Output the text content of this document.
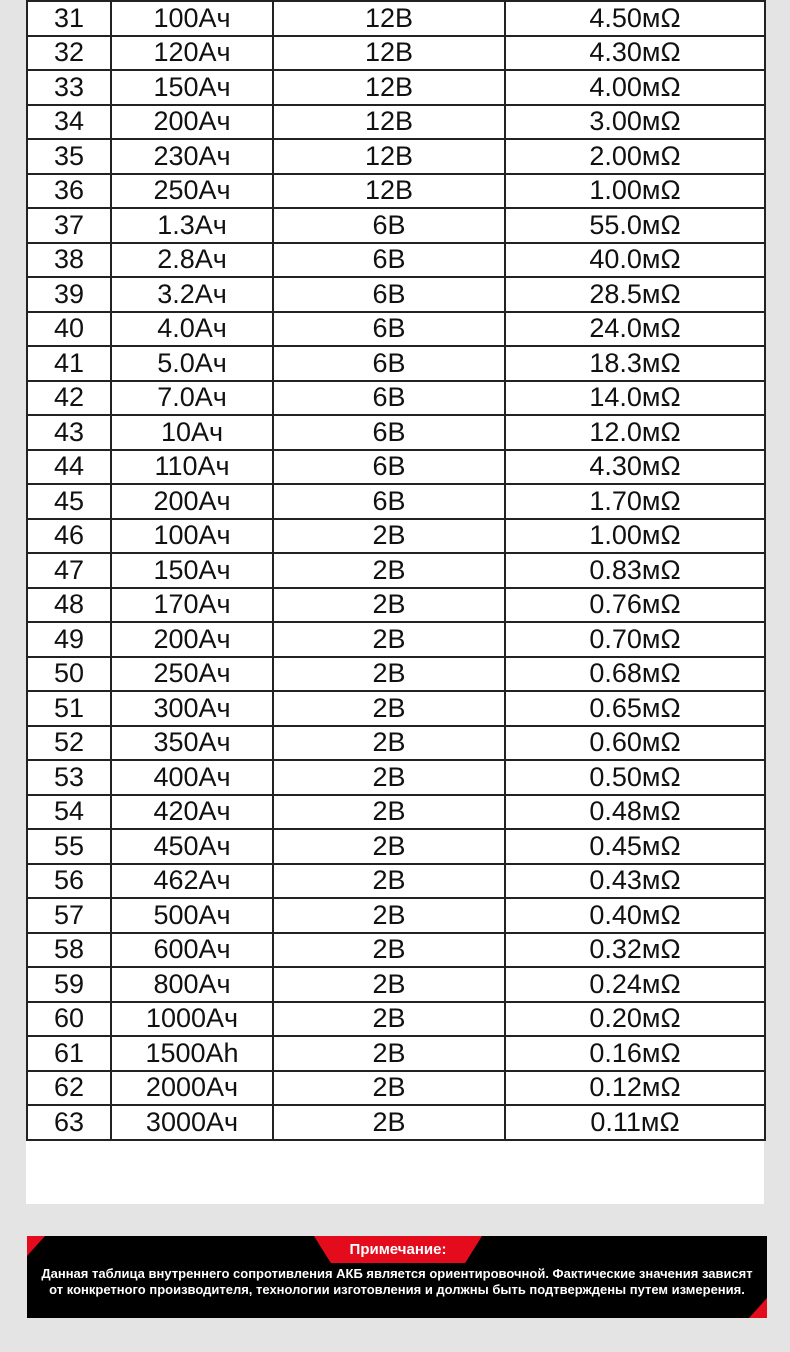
31	100Ач	12В	4.50мΩ
32	120Ач	12В	4.30мΩ
33	150Ач	12В	4.00мΩ
34	200Ач	12В	3.00мΩ
35	230Ач	12В	2.00мΩ
36	250Ач	12В	1.00мΩ
37	1.3Ач	6В	55.0мΩ
38	2.8Ач	6В	40.0мΩ
39	3.2Ач	6В	28.5мΩ
40	4.0Ач	6В	24.0мΩ
41	5.0Ач	6В	18.3мΩ
42	7.0Ач	6В	14.0мΩ
43	10Ач	6В	12.0мΩ
44	110Ач	6В	4.30мΩ
45	200Ач	6В	1.70мΩ
46	100Ач	2В	1.00мΩ
47	150Ач	2В	0.83мΩ
48	170Ач	2В	0.76мΩ
49	200Ач	2В	0.70мΩ
50	250Ач	2В	0.68мΩ
51	300Ач	2В	0.65мΩ
52	350Ач	2В	0.60мΩ
53	400Ач	2В	0.50мΩ
54	420Ач	2В	0.48мΩ
55	450Ач	2В	0.45мΩ
56	462Ач	2В	0.43мΩ
57	500Ач	2В	0.40мΩ
58	600Ач	2В	0.32мΩ
59	800Ач	2В	0.24мΩ
60	1000Ач	2В	0.20мΩ
61	1500Ah	2В	0.16мΩ
62	2000Ач	2В	0.12мΩ
63	3000Ач	2В	0.11мΩ
Примечание:
Данная таблица внутреннего сопротивления АКБ является ориентировочной. Фактические значения зависят от конкретного производителя, технологии изготовления и должны быть подтверждены путем измерения.
